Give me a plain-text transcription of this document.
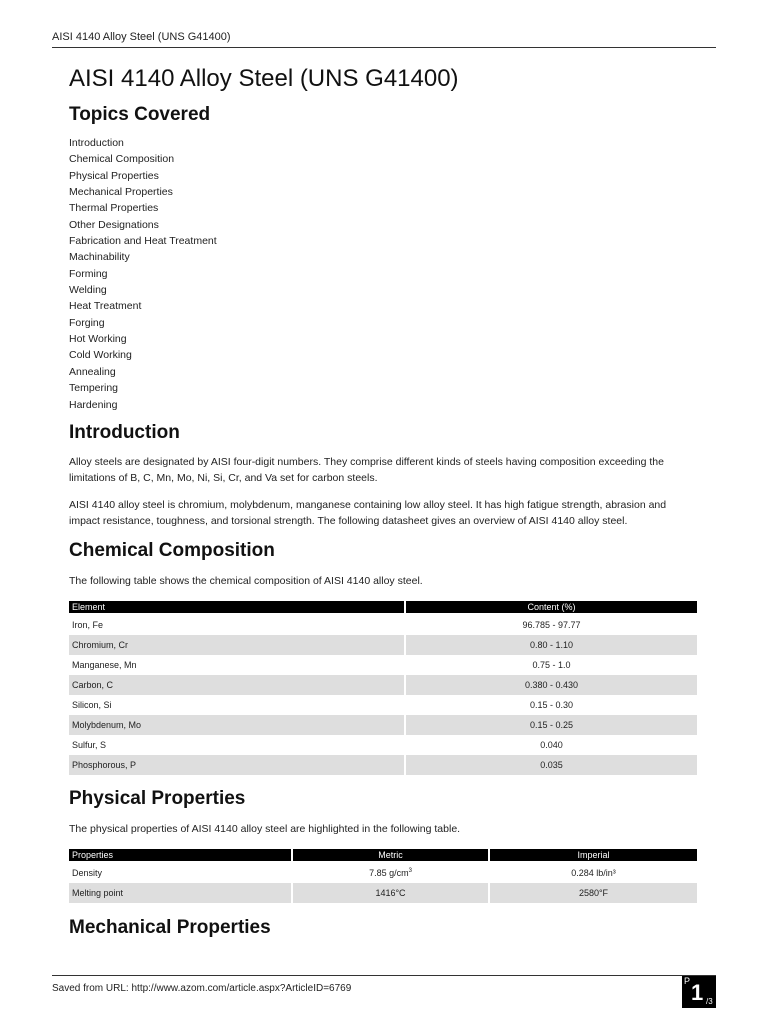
AISI 4140 Alloy Steel (UNS G41400)
AISI 4140 Alloy Steel (UNS G41400)
Topics Covered
Introduction
Chemical Composition
Physical Properties
Mechanical Properties
Thermal Properties
Other Designations
Fabrication and Heat Treatment
Machinability
Forming
Welding
Heat Treatment
Forging
Hot Working
Cold Working
Annealing
Tempering
Hardening
Introduction

Alloy steels are designated by AISI four-digit numbers. They comprise different kinds of steels having composition exceeding the limitations of B, C, Mn, Mo, Ni, Si, Cr, and Va set for carbon steels.

AISI 4140 alloy steel is chromium, molybdenum, manganese containing low alloy steel. It has high fatigue strength, abrasion and impact resistance, toughness, and torsional strength. The following datasheet gives an overview of AISI 4140 alloy steel.

Chemical Composition

The following table shows the chemical composition of AISI 4140 alloy steel.

Element	Content (%)

Iron, Fe	96.785 - 97.77
Chromium, Cr	0.80 - 1.10
Manganese, Mn	0.75 - 1.0
Carbon, C	0.380 - 0.430
Silicon, Si	0.15 - 0.30
Molybdenum, Mo	0.15 - 0.25
Sulfur, S	0.040
Phosphorous, P	0.035
Physical Properties

The physical properties of AISI 4140 alloy steel are highlighted in the following table.

Properties	Metric	Imperial

Density	7.85 $g/cm^3$	0.284 lb/in³
Melting point	1416°C	2580°F
Mechanical Properties
Saved from URL: http://www.azom.com/article.aspx?ArticleID=6769
P 1 /3
